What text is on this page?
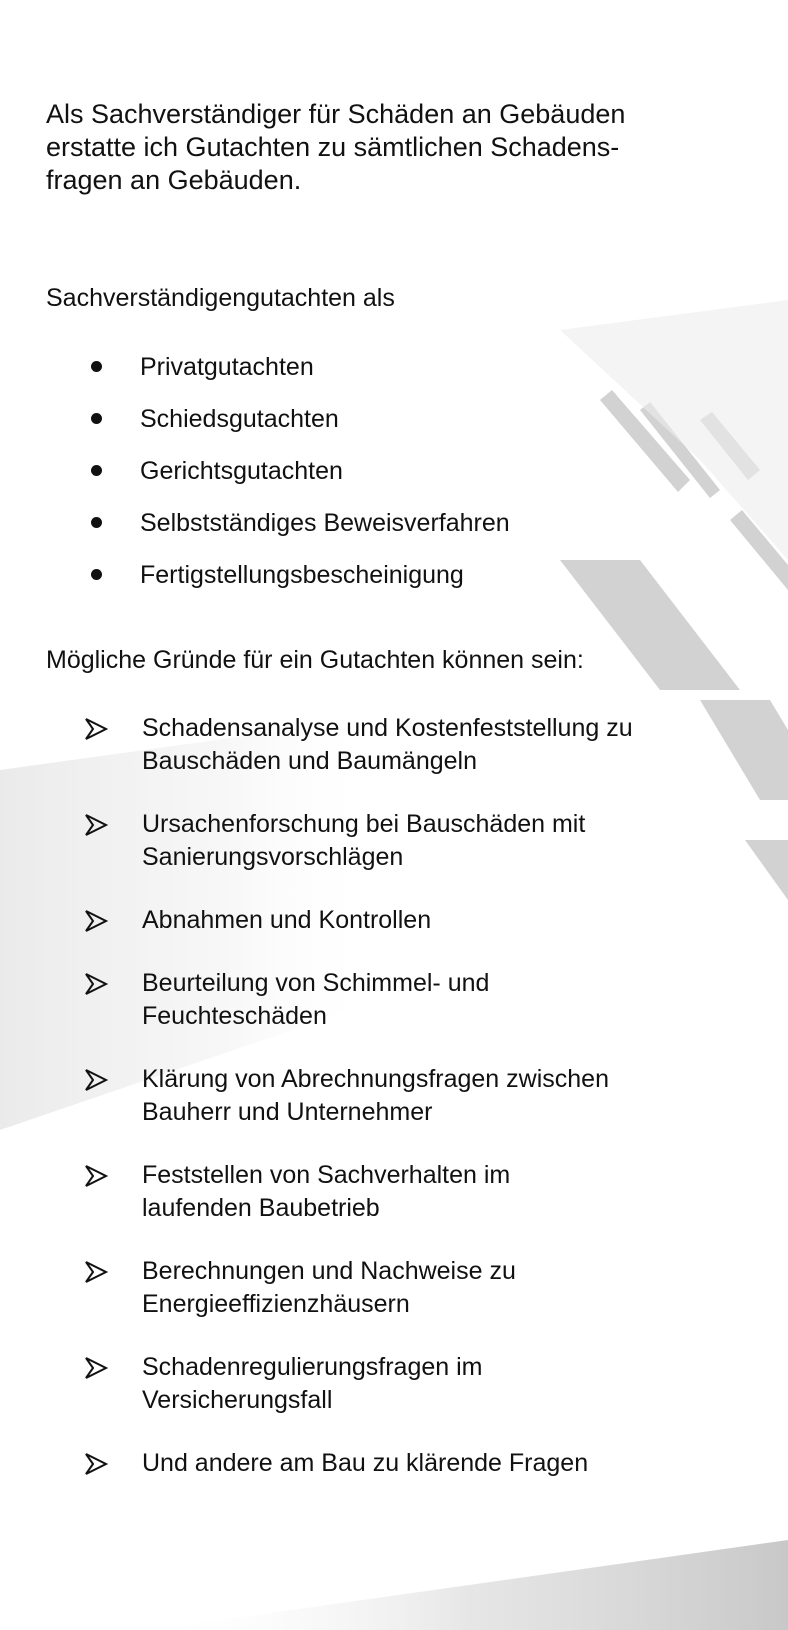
Als Sachverständiger für Schäden an Gebäuden
erstatte ich Gutachten zu sämtlichen Schadens-
fragen an Gebäuden.

Sachverständigengutachten als

Privatgutachten
Schiedsgutachten
Gerichtsgutachten
Selbstständiges Beweisverfahren
Fertigstellungsbescheinigung

Mögliche Gründe für ein Gutachten können sein:

Schadensanalyse und Kostenfeststellung zu
Bauschäden und Baumängeln
Ursachenforschung bei Bauschäden mit
Sanierungsvorschlägen
Abnahmen und Kontrollen
Beurteilung von Schimmel- und
Feuchteschäden
Klärung von Abrechnungsfragen zwischen
Bauherr und Unternehmer
Feststellen von Sachverhalten im
laufenden Baubetrieb
Berechnungen und Nachweise zu
Energieeffizienzhäusern
Schadenregulierungsfragen im
Versicherungsfall
Und andere am Bau zu klärende Fragen
